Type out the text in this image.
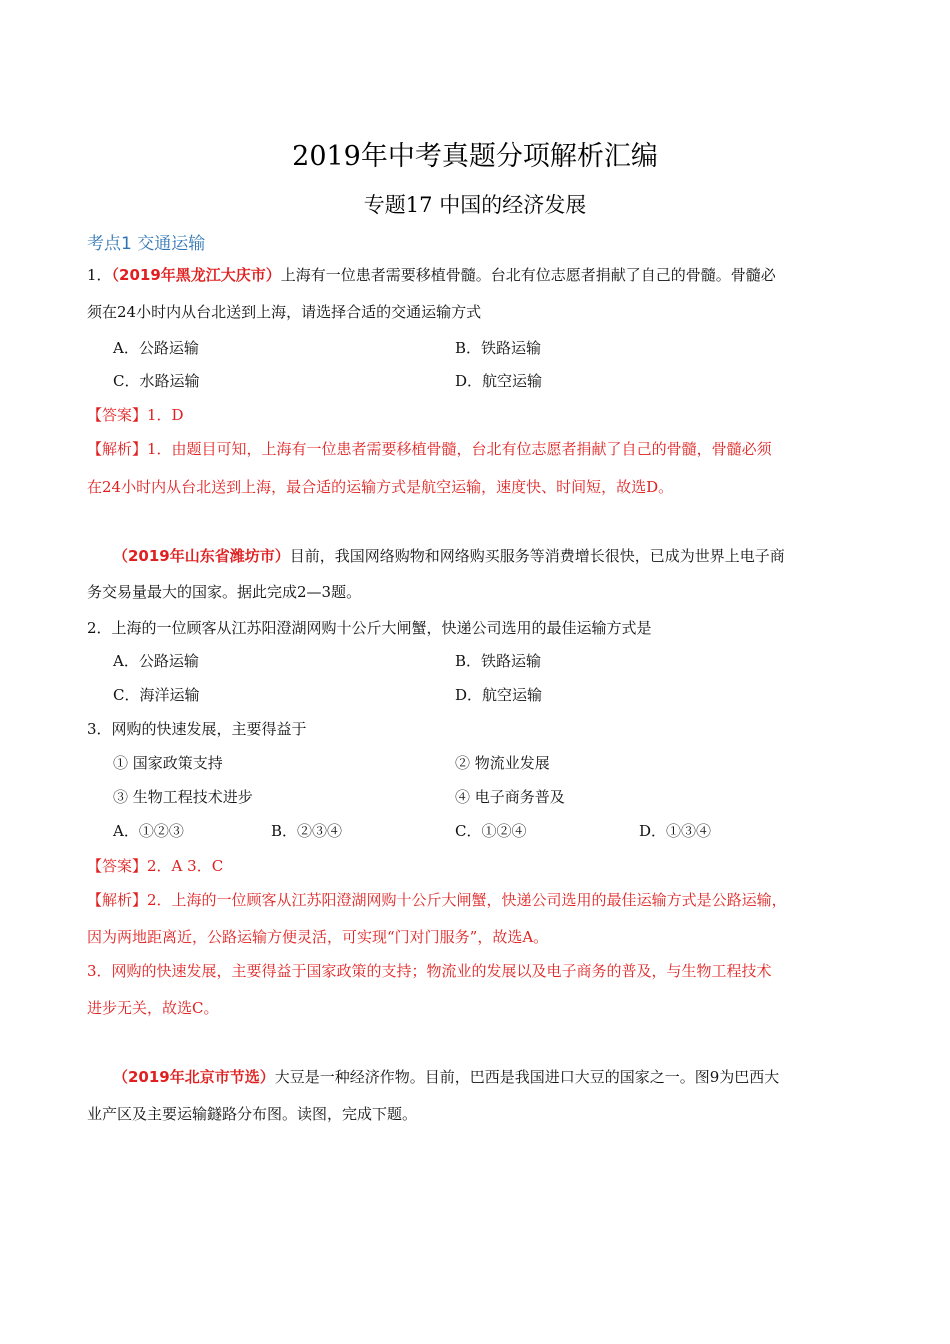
2019年中考真题分项解析汇编
专题17 中国的经济发展
考点1 交通运输
1．（2019年黑龙江大庆市）上海有一位患者需要移植骨髓。台北有位志愿者捐献了自己的骨髓。骨髓必
须在24小时内从台北送到上海，请选择合适的交通运输方式
A．公路运输	B．铁路运输
C．水路运输	D．航空运输
【答案】1．D
【解析】1．由题目可知，上海有一位患者需要移植骨髓，台北有位志愿者捐献了自己的骨髓，骨髓必须
在24小时内从台北送到上海，最合适的运输方式是航空运输，速度快、时间短，故选D。
（2019年山东省潍坊市）目前，我国网络购物和网络购买服务等消费增长很快，已成为世界上电子商
务交易量最大的国家。据此完成2—3题。
2．上海的一位顾客从江苏阳澄湖网购十公斤大闸蟹，快递公司选用的最佳运输方式是
A．公路运输	B．铁路运输
C．海洋运输	D．航空运输
3．网购的快速发展，主要得益于
① 国家政策支持	② 物流业发展
③ 生物工程技术进步	④ 电子商务普及
A．①②③	B．②③④	C．①②④	D．①③④
【答案】2．A 3．C
【解析】2．上海的一位顾客从江苏阳澄湖网购十公斤大闸蟹，快递公司选用的最佳运输方式是公路运输，
因为两地距离近，公路运输方便灵活，可实现“门对门服务”，故选A。
3．网购的快速发展，主要得益于国家政策的支持；物流业的发展以及电子商务的普及，与生物工程技术
进步无关，故选C。
（2019年北京市节选）大豆是一种经济作物。目前，巴西是我国进口大豆的国家之一。图9为巴西大
业产区及主要运输鐩路分布图。读图，完成下题。
